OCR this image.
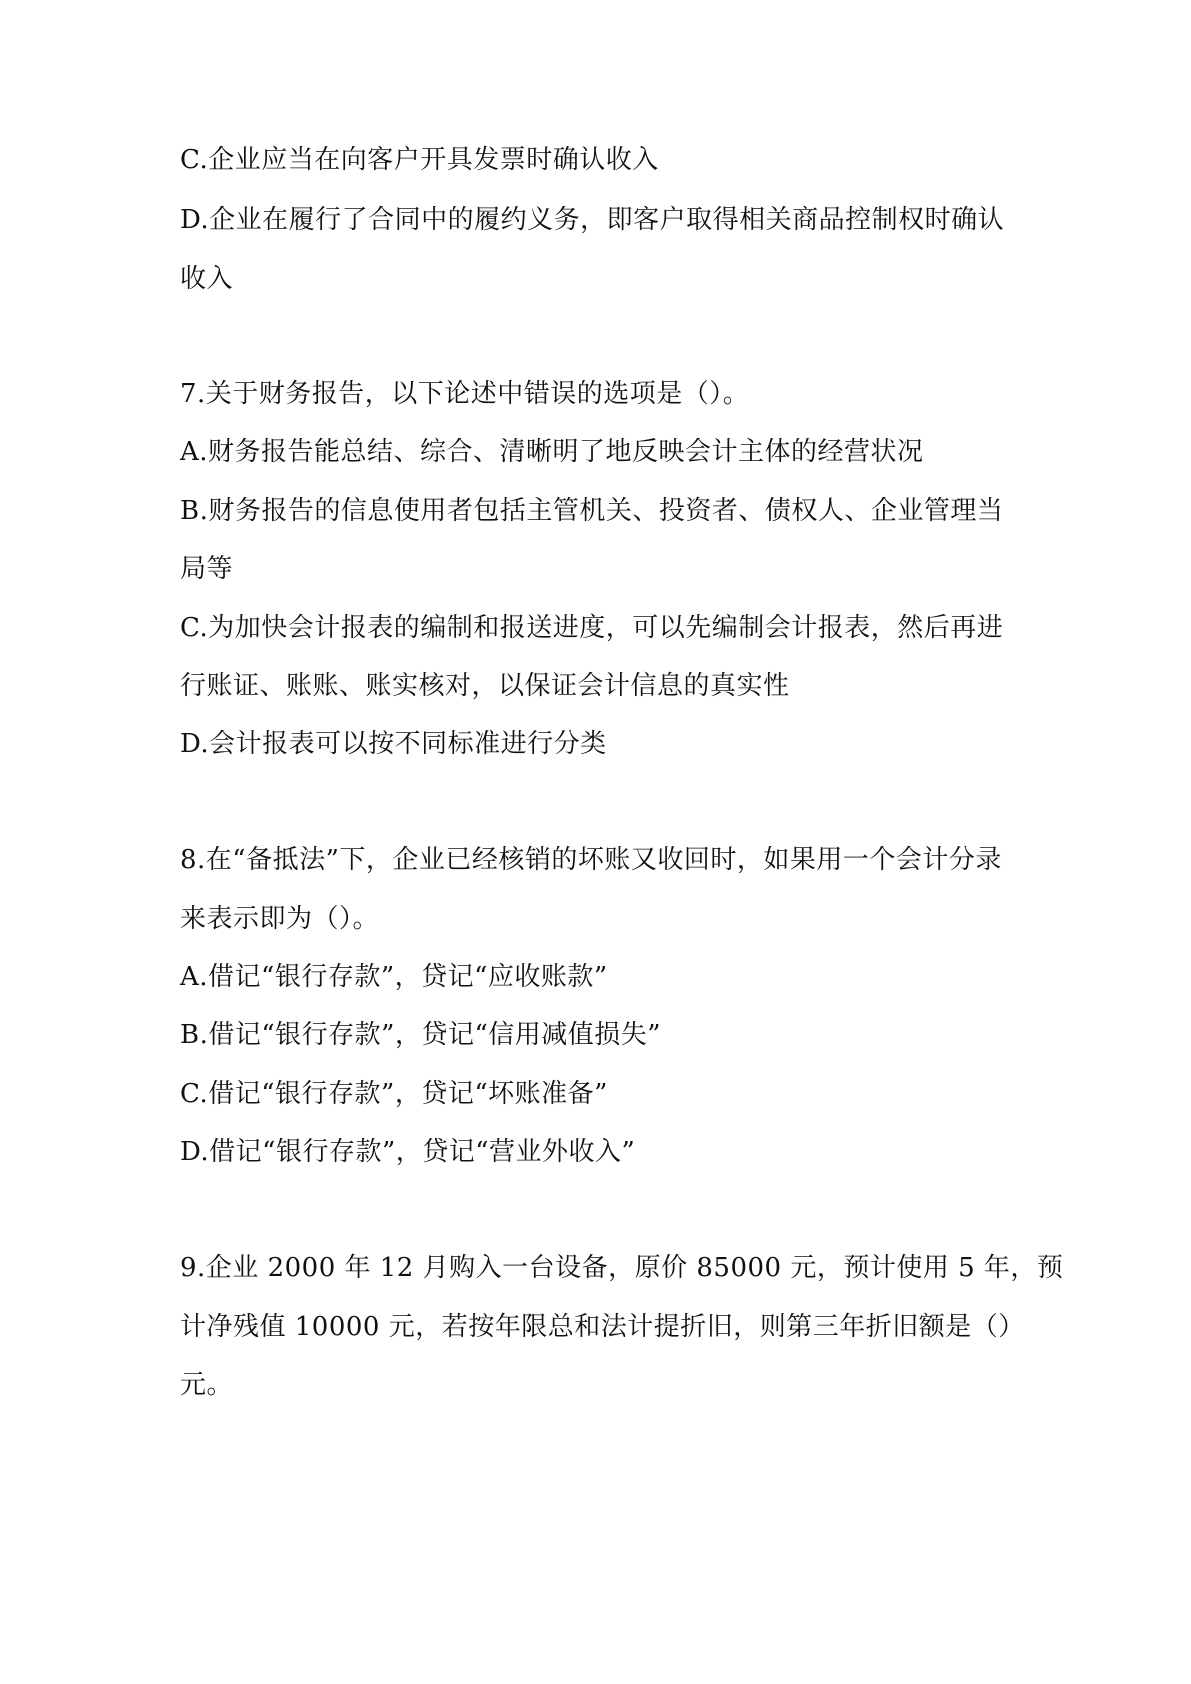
C.企业应当在向客户开具发票时确认收入
D.企业在履行了合同中的履约义务，即客户取得相关商品控制权时确认
收入
7.关于财务报告，以下论述中错误的选项是（）。
A.财务报告能总结、综合、清晰明了地反映会计主体的经营状况
B.财务报告的信息使用者包括主管机关、投资者、债权人、企业管理当
局等
C.为加快会计报表的编制和报送进度，可以先编制会计报表，然后再进
行账证、账账、账实核对，以保证会计信息的真实性
D.会计报表可以按不同标准进行分类
8.在“备抵法”下，企业已经核销的坏账又收回时，如果用一个会计分录
来表示即为（）。
A.借记“银行存款”，贷记“应收账款”
B.借记“银行存款”，贷记“信用减值损失”
C.借记“银行存款”，贷记“坏账准备”
D.借记“银行存款”，贷记“营业外收入”
9.企业 2000 年 12 月购入一台设备，原价 85000 元，预计使用 5 年，预
计净残值 10000 元，若按年限总和法计提折旧，则第三年折旧额是（）
元。
